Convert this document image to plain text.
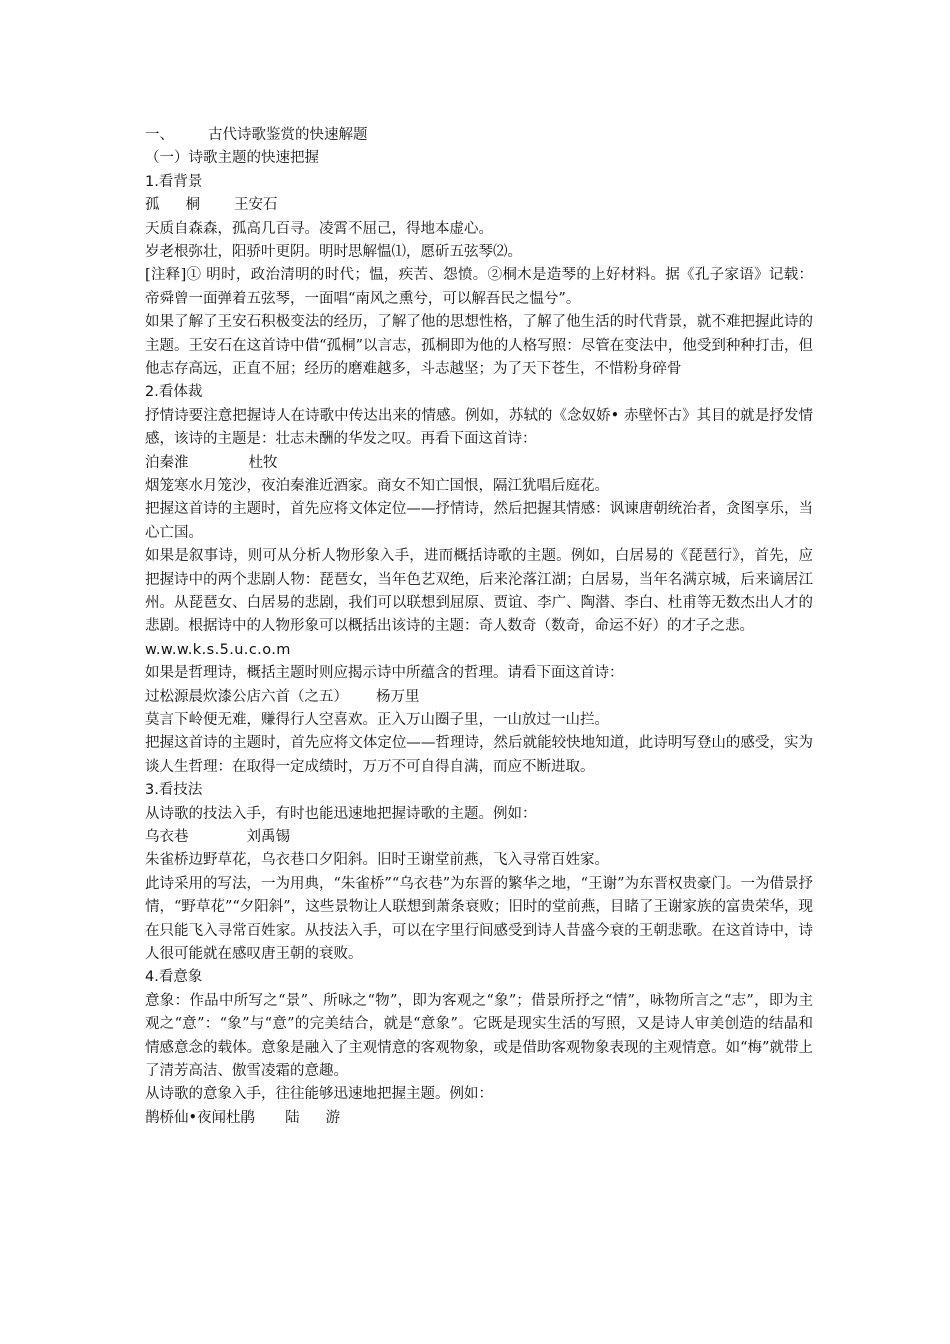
一、 古代诗歌鉴赏的快速解题
（一）诗歌主题的快速把握
1.看背景
孤 桐 王安石
天质自森森，孤高几百寻。凌霄不屈己，得地本虚心。
岁老根弥壮，阳骄叶更阴。明时思解愠⑴，愿斫五弦琴⑵。
[注释]① 明时，政治清明的时代；愠，疾苦、怨愤。②桐木是造琴的上好材料。据《孔子家语》记载：帝舜曾一面弹着五弦琴，一面唱“南风之熏兮，可以解吾民之愠兮”。
如果了解了王安石积极变法的经历，了解了他的思想性格，了解了他生活的时代背景，就不难把握此诗的主题。王安石在这首诗中借“孤桐”以言志，孤桐即为他的人格写照：尽管在变法中，他受到种种打击，但他志存高远，正直不屈；经历的磨难越多，斗志越坚；为了天下苍生，不惜粉身碎骨
2.看体裁
抒情诗要注意把握诗人在诗歌中传达出来的情感。例如，苏轼的《念奴娇• 赤壁怀古》其目的就是抒发情感，该诗的主题是：壮志未酬的华发之叹。再看下面这首诗：
泊秦淮	杜牧
烟笼寒水月笼沙，夜泊秦淮近酒家。商女不知亡国恨，隔江犹唱后庭花。
把握这首诗的主题时，首先应将文体定位——抒情诗，然后把握其情感：讽谏唐朝统治者，贪图享乐，当心亡国。
如果是叙事诗，则可从分析人物形象入手，进而概括诗歌的主题。例如，白居易的《琵琶行》，首先，应把握诗中的两个悲剧人物：琵琶女，当年色艺双绝，后来沦落江湖；白居易，当年名满京城，后来谪居江州。从琵琶女、白居易的悲剧，我们可以联想到屈原、贾谊、李广、陶潜、李白、杜甫等无数杰出人才的悲剧。根据诗中的人物形象可以概括出该诗的主题：奇人数奇（数奇，命运不好）的才子之悲。
w.w.w.k.s.5.u.c.o.m
如果是哲理诗，概括主题时则应揭示诗中所蕴含的哲理。请看下面这首诗：
过松源晨炊漆公店六首（之五） 杨万里
莫言下岭便无难，赚得行人空喜欢。正入万山圈子里，一山放过一山拦。
把握这首诗的主题时，首先应将文体定位——哲理诗，然后就能较快地知道，此诗明写登山的感受，实为谈人生哲理：在取得一定成绩时，万万不可自得自满，而应不断进取。
3.看技法
从诗歌的技法入手，有时也能迅速地把握诗歌的主题。例如：
乌衣巷	刘禹锡
朱雀桥边野草花，乌衣巷口夕阳斜。旧时王谢堂前燕，飞入寻常百姓家。
此诗采用的写法，一为用典，“朱雀桥”“乌衣巷”为东晋的繁华之地，“王谢”为东晋权贵豪门。一为借景抒情，“野草花”“夕阳斜”，这些景物让人联想到萧条衰败；旧时的堂前燕，目睹了王谢家族的富贵荣华，现在只能飞入寻常百姓家。从技法入手，可以在字里行间感受到诗人昔盛今衰的王朝悲歌。在这首诗中，诗人很可能就在感叹唐王朝的衰败。
4.看意象
意象：作品中所写之“景”、所咏之“物”，即为客观之“象”；借景所抒之“情”，咏物所言之“志”，即为主观之“意”：“象”与“意”的完美结合，就是“意象”。它既是现实生活的写照，又是诗人审美创造的结晶和情感意念的载体。意象是融入了主观情意的客观物象，或是借助客观物象表现的主观情意。如“梅”就带上了清芳高洁、傲雪凌霜的意趣。
从诗歌的意象入手，往往能够迅速地把握主题。例如：
鹊桥仙•夜闻杜鹃 陆 游
